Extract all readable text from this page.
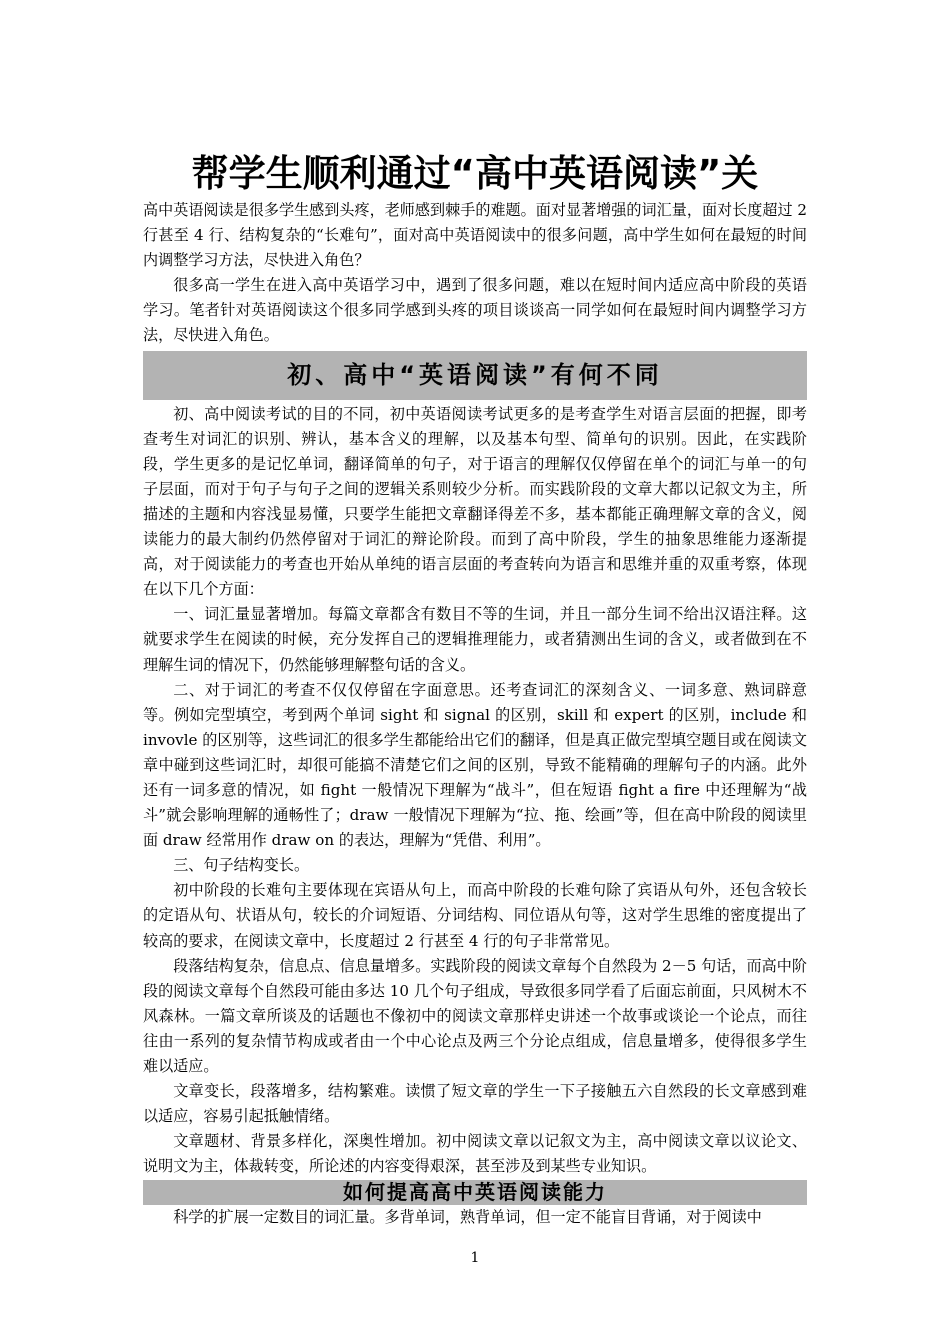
帮学生顺利通过“高中英语阅读”关

高中英语阅读是很多学生感到头疼，老师感到棘手的难题。面对显著增强的词汇量，面对长度超过 2 行甚至 4 行、结构复杂的“长难句”，面对高中英语阅读中的很多问题，高中学生如何在最短的时间内调整学习方法，尽快进入角色？

很多高一学生在进入高中英语学习中，遇到了很多问题，难以在短时间内适应高中阶段的英语学习。笔者针对英语阅读这个很多同学感到头疼的项目谈谈高一同学如何在最短时间内调整学习方法，尽快进入角色。

初、高中“英语阅读”有何不同

初、高中阅读考试的目的不同，初中英语阅读考试更多的是考查学生对语言层面的把握，即考查考生对词汇的识别、辨认，基本含义的理解，以及基本句型、简单句的识别。因此，在实践阶段，学生更多的是记忆单词，翻译简单的句子，对于语言的理解仅仅停留在单个的词汇与单一的句子层面，而对于句子与句子之间的逻辑关系则较少分析。而实践阶段的文章大都以记叙文为主，所描述的主题和内容浅显易懂，只要学生能把文章翻译得差不多，基本都能正确理解文章的含义，阅读能力的最大制约仍然停留对于词汇的辩论阶段。而到了高中阶段，学生的抽象思维能力逐渐提高，对于阅读能力的考查也开始从单纯的语言层面的考查转向为语言和思维并重的双重考察，体现在以下几个方面：

一、词汇量显著增加。每篇文章都含有数目不等的生词，并且一部分生词不给出汉语注释。这就要求学生在阅读的时候，充分发挥自己的逻辑推理能力，或者猜测出生词的含义，或者做到在不理解生词的情况下，仍然能够理解整句话的含义。

二、对于词汇的考查不仅仅停留在字面意思。还考查词汇的深刻含义、一词多意、熟词辟意等。例如完型填空，考到两个单词 sight 和 signal 的区别，skill 和 expert 的区别，include 和 invovle 的区别等，这些词汇的很多学生都能给出它们的翻译，但是真正做完型填空题目或在阅读文章中碰到这些词汇时，却很可能搞不清楚它们之间的区别，导致不能精确的理解句子的内涵。此外还有一词多意的情况，如 fight 一般情况下理解为“战斗”，但在短语 fight a fire 中还理解为“战斗”就会影响理解的通畅性了；draw 一般情况下理解为“拉、拖、绘画”等，但在高中阶段的阅读里面 draw 经常用作 draw on 的表达，理解为“凭借、利用”。

三、句子结构变长。

初中阶段的长难句主要体现在宾语从句上，而高中阶段的长难句除了宾语从句外，还包含较长的定语从句、状语从句，较长的介词短语、分词结构、同位语从句等，这对学生思维的密度提出了较高的要求，在阅读文章中，长度超过 2 行甚至 4 行的句子非常常见。

段落结构复杂，信息点、信息量增多。实践阶段的阅读文章每个自然段为 2－5 句话，而高中阶段的阅读文章每个自然段可能由多达 10 几个句子组成，导致很多同学看了后面忘前面，只风树木不风森林。一篇文章所谈及的话题也不像初中的阅读文章那样史讲述一个故事或谈论一个论点，而往往由一系列的复杂情节构成或者由一个中心论点及两三个分论点组成，信息量增多，使得很多学生难以适应。

文章变长，段落增多，结构繁难。读惯了短文章的学生一下子接触五六自然段的长文章感到难以适应，容易引起抵触情绪。

文章题材、背景多样化，深奥性增加。初中阅读文章以记叙文为主，高中阅读文章以议论文、说明文为主，体裁转变，所论述的内容变得艰深，甚至涉及到某些专业知识。

如何提高高中英语阅读能力

科学的扩展一定数目的词汇量。多背单词，熟背单词，但一定不能盲目背诵，对于阅读中

1
